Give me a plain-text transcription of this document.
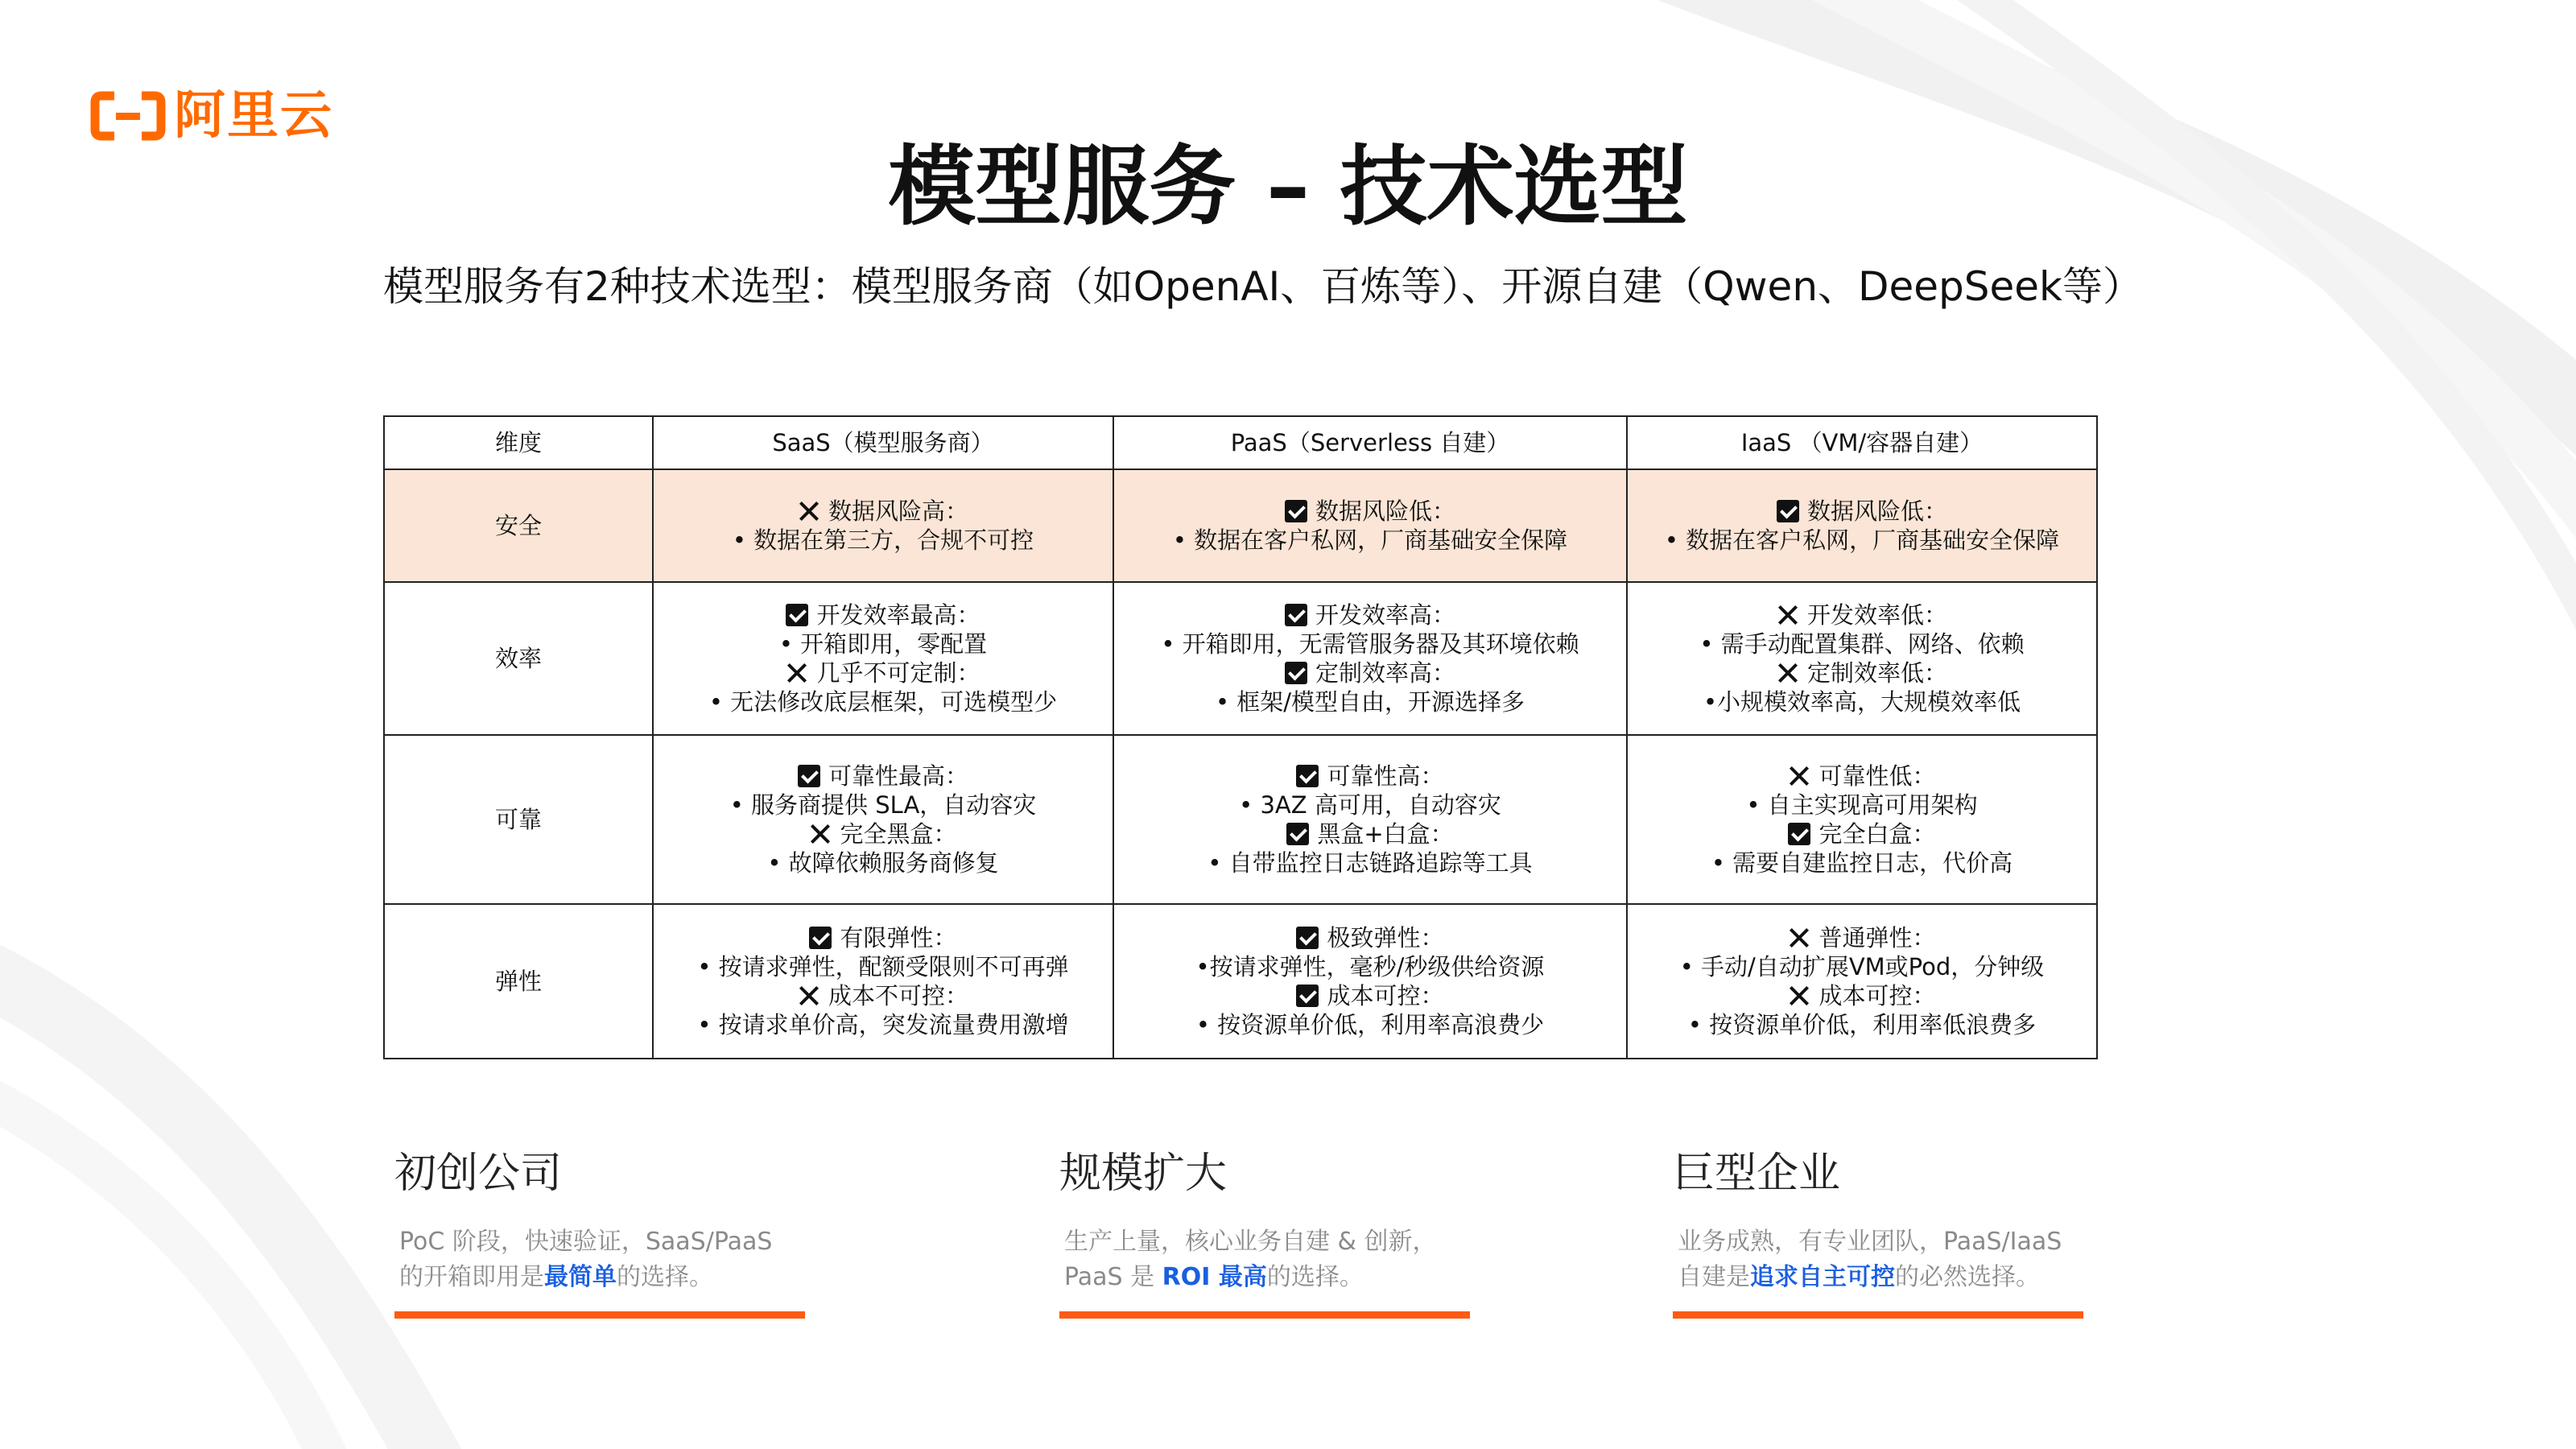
阿里云
模型服务 – 技术选型
模型服务有2种技术选型：模型服务商（如OpenAI、百炼等）、开源自建（Qwen、DeepSeek等）
维度	SaaS（模型服务商）	PaaS（Serverless 自建）	IaaS （VM/容器自建）
安全	数据风险高：
• 数据在第三方，合规不可控	数据风险低：
• 数据在客户私网，厂商基础安全保障	数据风险低：
• 数据在客户私网，厂商基础安全保障

效率	开发效率最高：
• 开箱即用，零配置
几乎不可定制：
• 无法修改底层框架，可选模型少	开发效率高：
• 开箱即用，无需管服务器及其环境依赖
定制效率高：
• 框架/模型自由，开源选择多	开发效率低：
• 需手动配置集群、网络、依赖
定制效率低：
•小规模效率高，大规模效率低

可靠	可靠性最高：
• 服务商提供 SLA，自动容灾
完全黑盒：
• 故障依赖服务商修复	可靠性高：
• 3AZ 高可用，自动容灾
黑盒+白盒：
• 自带监控日志链路追踪等工具	可靠性低：
• 自主实现高可用架构
完全白盒：
• 需要自建监控日志，代价高

弹性	有限弹性：
• 按请求弹性，配额受限则不可再弹
成本不可控：
• 按请求单价高，突发流量费用激增	极致弹性：
•按请求弹性，毫秒/秒级供给资源
成本可控：
• 按资源单价低，利用率高浪费少	普通弹性：
• 手动/自动扩展VM或Pod，分钟级
成本可控：
• 按资源单价低，利用率低浪费多
初创公司
PoC 阶段，快速验证，SaaS/PaaS
的开箱即用是最简单的选择。
规模扩大
生产上量，核心业务自建 & 创新，
PaaS 是 ROI 最高的选择。
巨型企业
业务成熟，有专业团队，PaaS/IaaS
自建是追求自主可控的必然选择。
